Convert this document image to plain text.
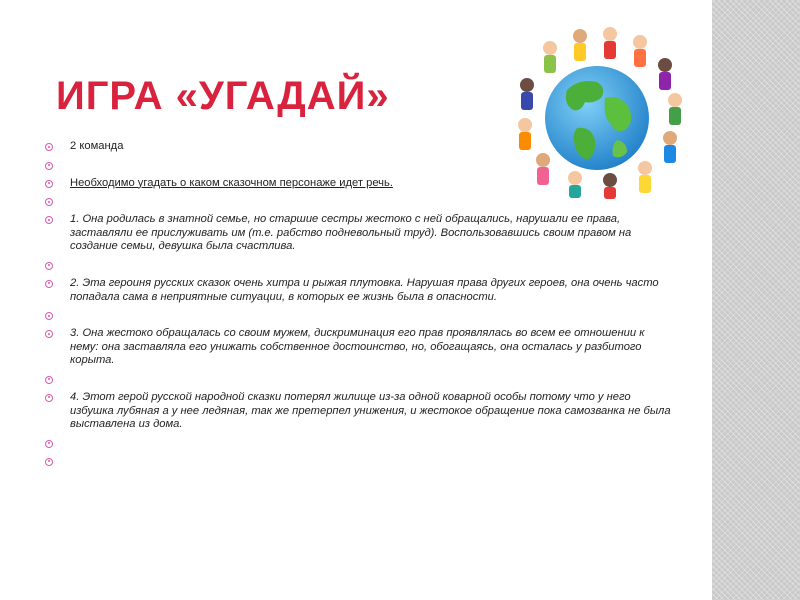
ИГРА «УГАДАЙ»
2 команда
Необходимо угадать о каком сказочном персонаже идет речь.
1. Она родилась в знатной семье, но старшие сестры жестоко с ней обращались, нарушали ее права, заставляли ее прислуживать им (т.е. рабство подневольный труд). Воспользовавшись своим правом на создание семьи, девушка была счастлива.
2. Эта героиня русских сказок очень хитра и рыжая плутовка. Нарушая права других героев, она очень часто попадала сама в неприятные ситуации, в которых ее жизнь была в опасности.
3. Она жестоко обращалась со своим мужем, дискриминация его прав проявлялась во всем ее отношении к нему: она заставляла его унижать собственное достоинство, но, обогащаясь, она осталась у разбитого корыта.
4. Этот герой русской народной сказки потерял жилище из-за одной коварной особы потому что у него избушка лубяная а у нее ледяная, так же претерпел унижения, и жестокое обращение пока самозванка не была выставлена из дома.
